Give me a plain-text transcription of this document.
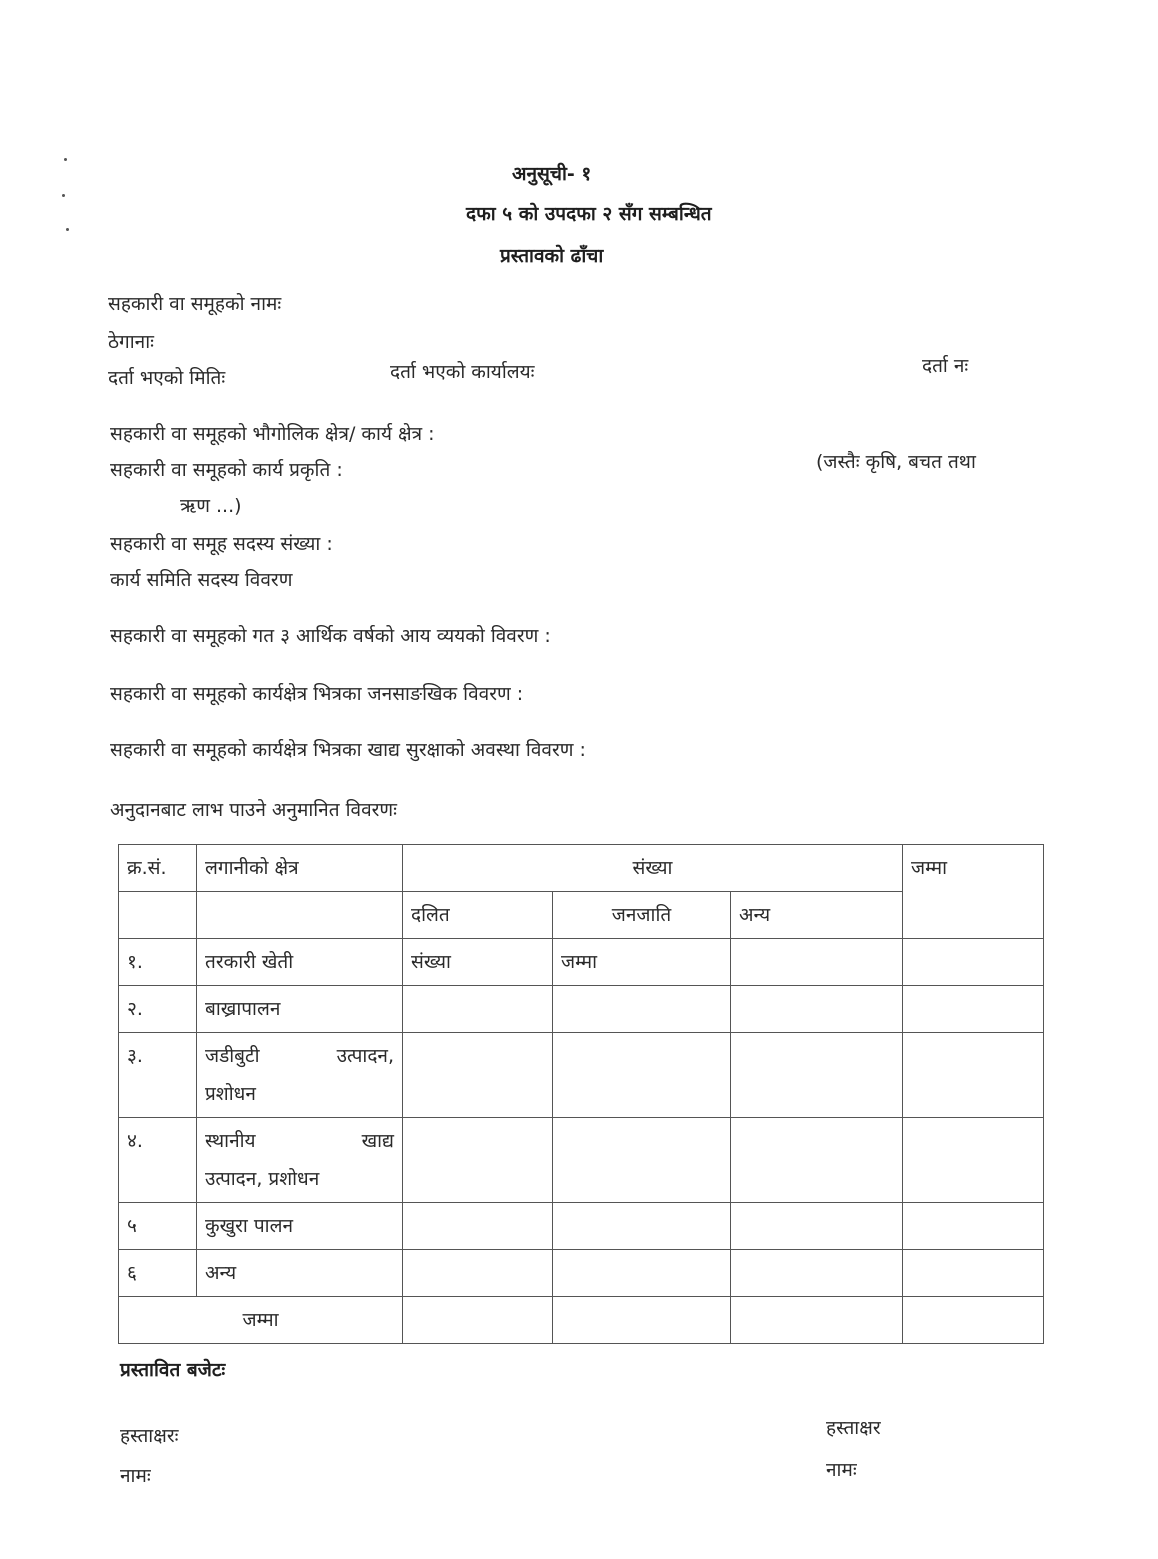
अनुसूची- १
दफा ५ को उपदफा २ सँग सम्बन्धित
प्रस्तावको ढाँचा
सहकारी वा समूहको नामः
ठेगानाः
दर्ता भएको मितिः	दर्ता भएको कार्यालयः	दर्ता नः
सहकारी वा समूहको भौगोलिक क्षेत्र/ कार्य क्षेत्र :
सहकारी वा समूहको कार्य प्रकृति :	(जस्तैः कृषि, बचत तथा
ऋण ...)
सहकारी वा समूह सदस्य संख्या :
कार्य समिति सदस्य विवरण
सहकारी वा समूहको गत ३ आर्थिक वर्षको आय व्ययको विवरण :
सहकारी वा समूहको कार्यक्षेत्र भित्रका जनसाङखिक विवरण :
सहकारी वा समूहको कार्यक्षेत्र भित्रका खाद्य सुरक्षाको अवस्था विवरण :
अनुदानबाट लाभ पाउने अनुमानित विवरणः
क्र.सं.	लगानीको क्षेत्र	संख्या			जम्मा
		दलित	जनजाति	अन्य	
१.	तरकारी खेती	संख्या	जम्मा		
२.	बाख्रापालन				
३.	जडीबुटी उत्पादन,
प्रशोधन				

४.	स्थानीय खाद्य
उत्पादन, प्रशोधन				

५	कुखुरा पालन				
६	अन्य				
जम्मा					
प्रस्तावित बजेटः
हस्ताक्षरः
नामः
हस्ताक्षर
नामः
